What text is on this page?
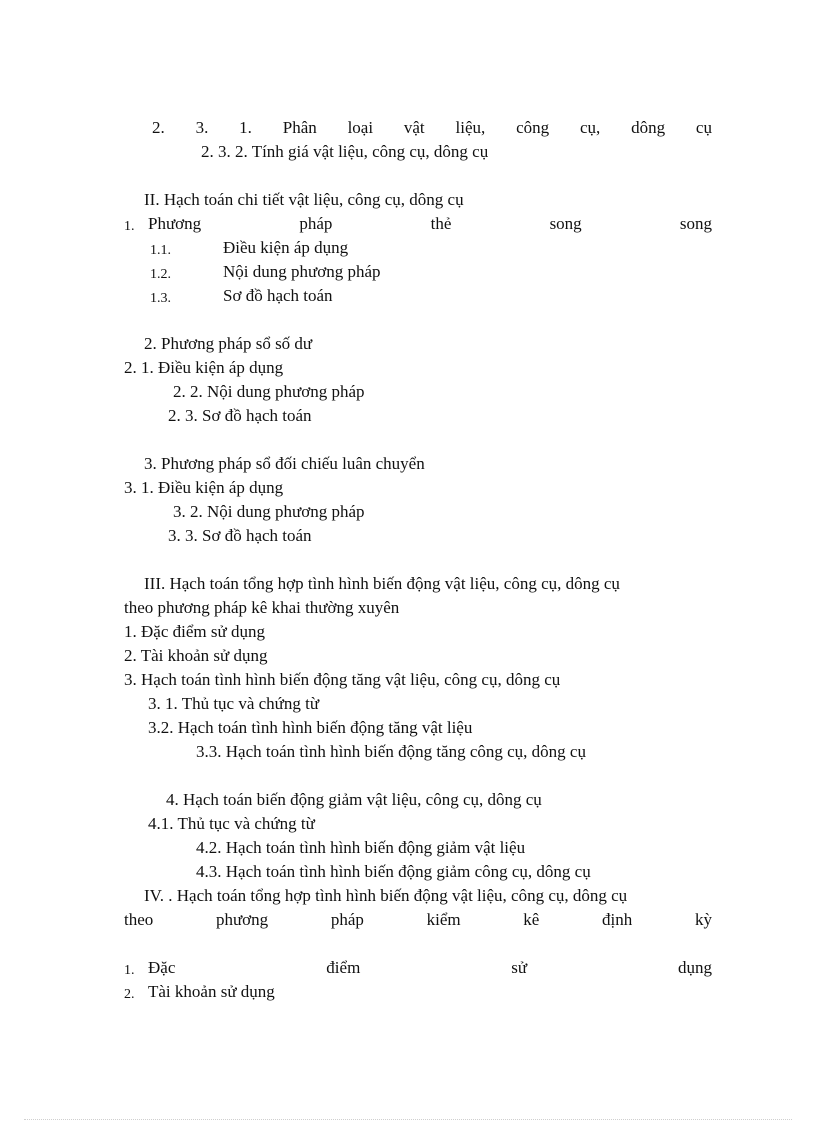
2. 3. 1. Phân loại vật liệu, công cụ, dông cụ
2. 3. 2. Tính giá vật liệu, công cụ, dông cụ
II. Hạch toán chi tiết vật liệu, công cụ, dông cụ
1. Phương	pháp	thẻ	song	song
1.1.	Điều kiện áp dụng
1.2.	Nội dung phương pháp
1.3.	Sơ đồ hạch toán
2. Phương pháp sổ số dư
2. 1. Điều kiện áp dụng
2. 2. Nội dung phương pháp
2. 3. Sơ đồ hạch toán
3. Phương pháp sổ đối chiếu luân chuyển
3. 1. Điều kiện áp dụng
3. 2. Nội dung phương pháp
3. 3. Sơ đồ hạch toán
III. Hạch toán tổng hợp tình hình biến động vật liệu, công cụ, dông cụ
theo phương pháp kê khai thường xuyên
1. Đặc điểm sử dụng
2. Tài khoản sử dụng
3. Hạch toán tình hình biến động tăng vật liệu, công cụ, dông cụ
3. 1. Thủ tục và chứng từ
3.2. Hạch toán tình hình biến động tăng vật liệu
3.3. Hạch toán tình hình biến động tăng công cụ, dông cụ
4. Hạch toán biến động giảm vật liệu, công cụ, dông cụ
4.1. Thủ tục và chứng từ
4.2. Hạch toán tình hình biến động giảm vật liệu
4.3. Hạch toán tình hình biến động giảm công cụ, dông cụ
IV. . Hạch toán tổng hợp tình hình biến động vật liệu, công cụ, dông cụ
theo	phương	pháp	kiểm	kê	định	kỳ
1. Đặc	điểm	sử	dụng
2. Tài khoản sử dụng
